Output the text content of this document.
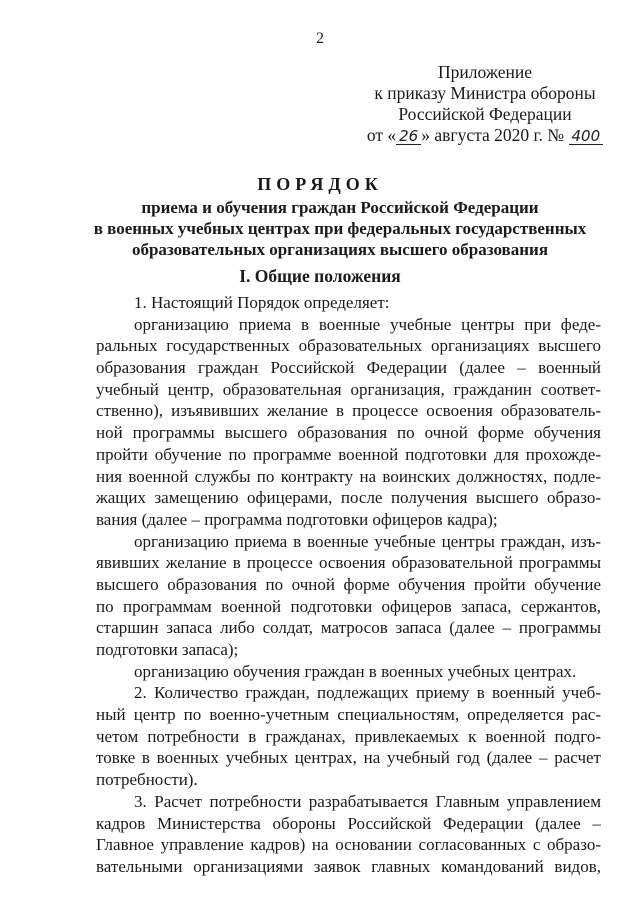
2
Приложение
к приказу Министра обороны
Российской Федерации
от « 26 » августа 2020 г. № 400
ПОРЯДОК
приема и обучения граждан Российской Федерации
в военных учебных центрах при федеральных государственных
образовательных организациях высшего образования
I. Общие положения
1. Настоящий Порядок определяет:
организацию приема в военные учебные центры при феде-
ральных государственных образовательных организациях высшего
образования граждан Российской Федерации (далее – военный
учебный центр, образовательная организация, гражданин соответ-
ственно), изъявивших желание в процессе освоения образователь-
ной программы высшего образования по очной форме обучения
пройти обучение по программе военной подготовки для прохожде-
ния военной службы по контракту на воинских должностях, подле-
жащих замещению офицерами, после получения высшего образо-
вания (далее – программа подготовки офицеров кадра);
организацию приема в военные учебные центры граждан, изъ-
явивших желание в процессе освоения образовательной программы
высшего образования по очной форме обучения пройти обучение
по программам военной подготовки офицеров запаса, сержантов,
старшин запаса либо солдат, матросов запаса (далее – программы
подготовки запаса);
организацию обучения граждан в военных учебных центрах.
2. Количество граждан, подлежащих приему в военный учеб-
ный центр по военно-учетным специальностям, определяется рас-
четом потребности в гражданах, привлекаемых к военной подго-
товке в военных учебных центрах, на учебный год (далее – расчет
потребности).
3. Расчет потребности разрабатывается Главным управлением
кадров Министерства обороны Российской Федерации (далее –
Главное управление кадров) на основании согласованных с образо-
вательными организациями заявок главных командований видов,
